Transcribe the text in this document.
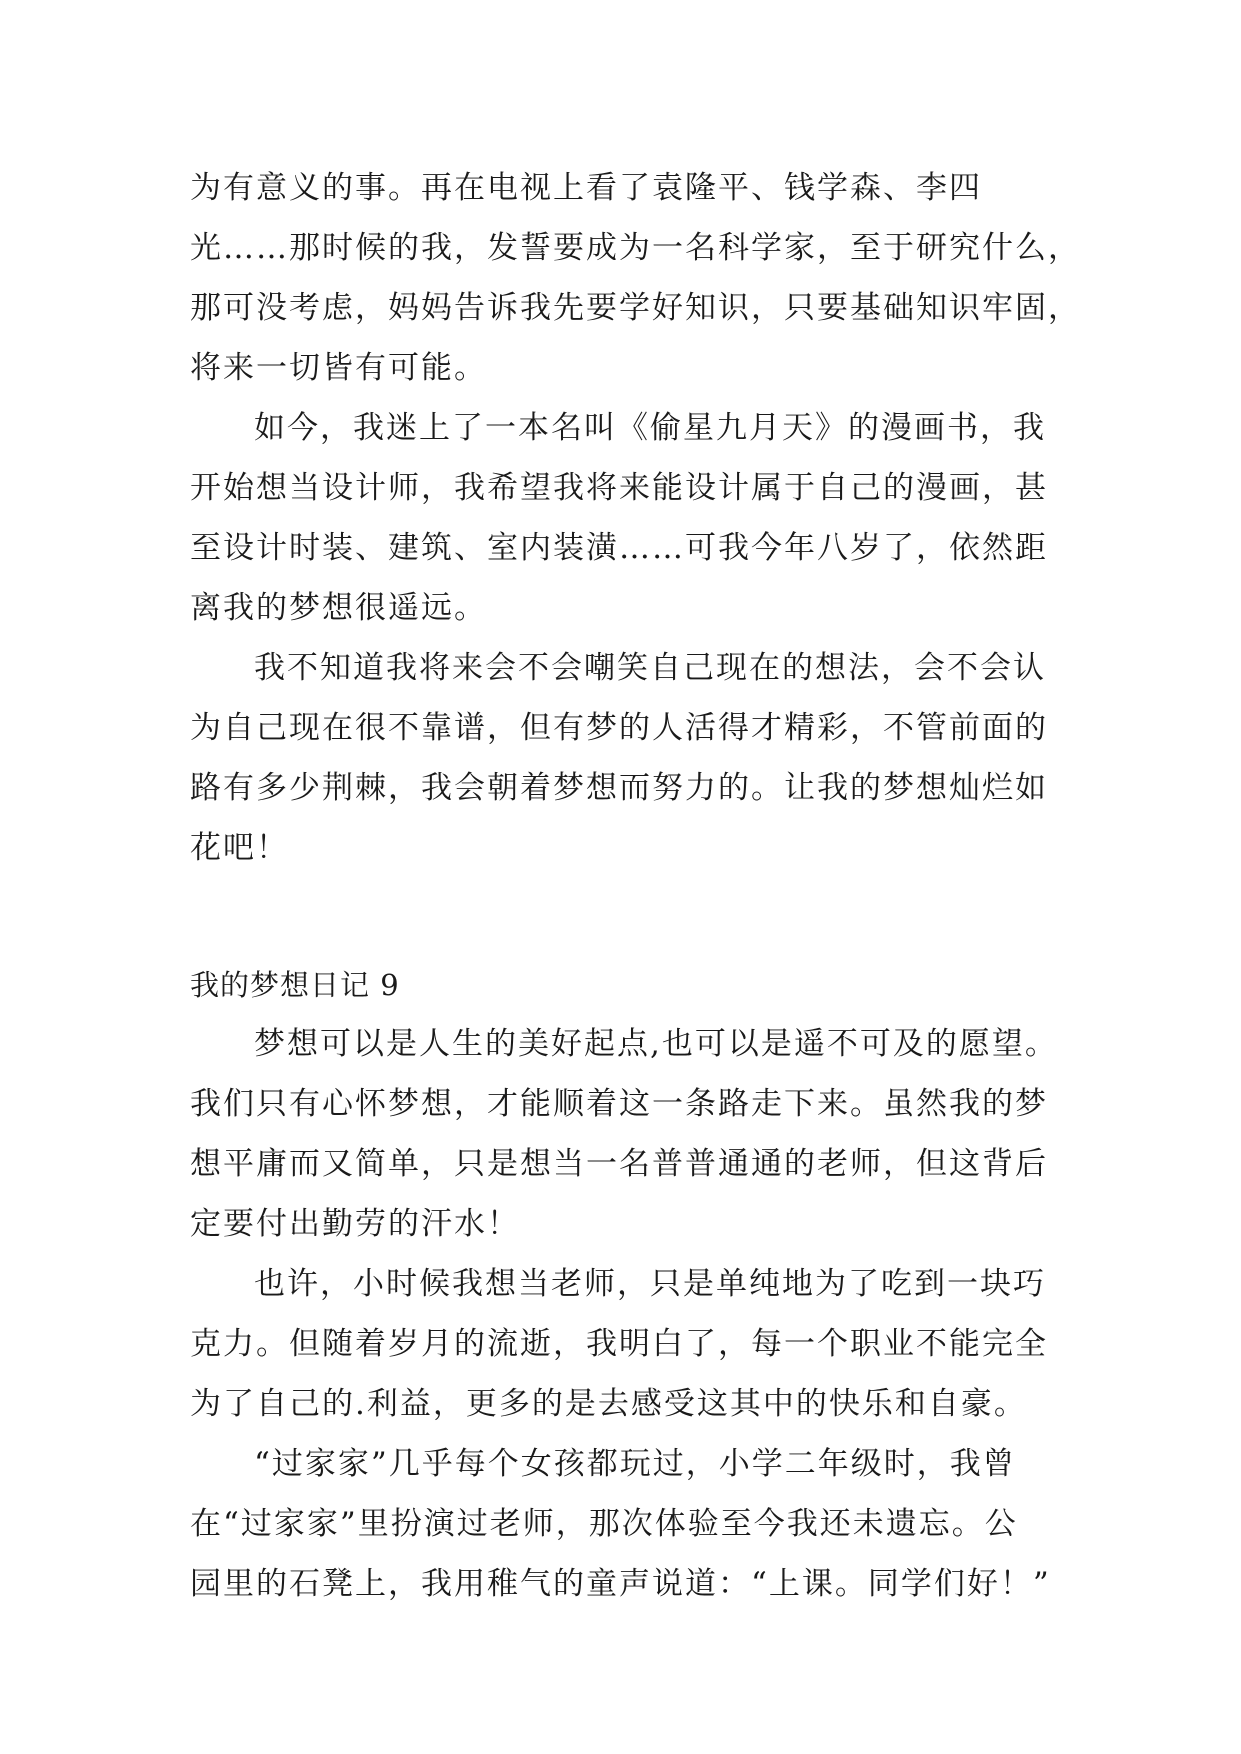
为有意义的事。再在电视上看了袁隆平、钱学森、李四
光……那时候的我，发誓要成为一名科学家，至于研究什么，
那可没考虑，妈妈告诉我先要学好知识，只要基础知识牢固，
将来一切皆有可能。
如今，我迷上了一本名叫《偷星九月天》的漫画书，我
开始想当设计师，我希望我将来能设计属于自己的漫画，甚
至设计时装、建筑、室内装潢……可我今年八岁了，依然距
离我的梦想很遥远。
我不知道我将来会不会嘲笑自己现在的想法，会不会认
为自己现在很不靠谱，但有梦的人活得才精彩，不管前面的
路有多少荆棘，我会朝着梦想而努力的。让我的梦想灿烂如
花吧！
我的梦想日记 9
梦想可以是人生的美好起点,也可以是遥不可及的愿望。
我们只有心怀梦想，才能顺着这一条路走下来。虽然我的梦
想平庸而又简单，只是想当一名普普通通的老师，但这背后
定要付出勤劳的汗水！
也许，小时候我想当老师，只是单纯地为了吃到一块巧
克力。但随着岁月的流逝，我明白了，每一个职业不能完全
为了自己的.利益，更多的是去感受这其中的快乐和自豪。
“过家家”几乎每个女孩都玩过，小学二年级时，我曾
在“过家家”里扮演过老师，那次体验至今我还未遗忘。公
园里的石凳上，我用稚气的童声说道：“上课。同学们好！”
